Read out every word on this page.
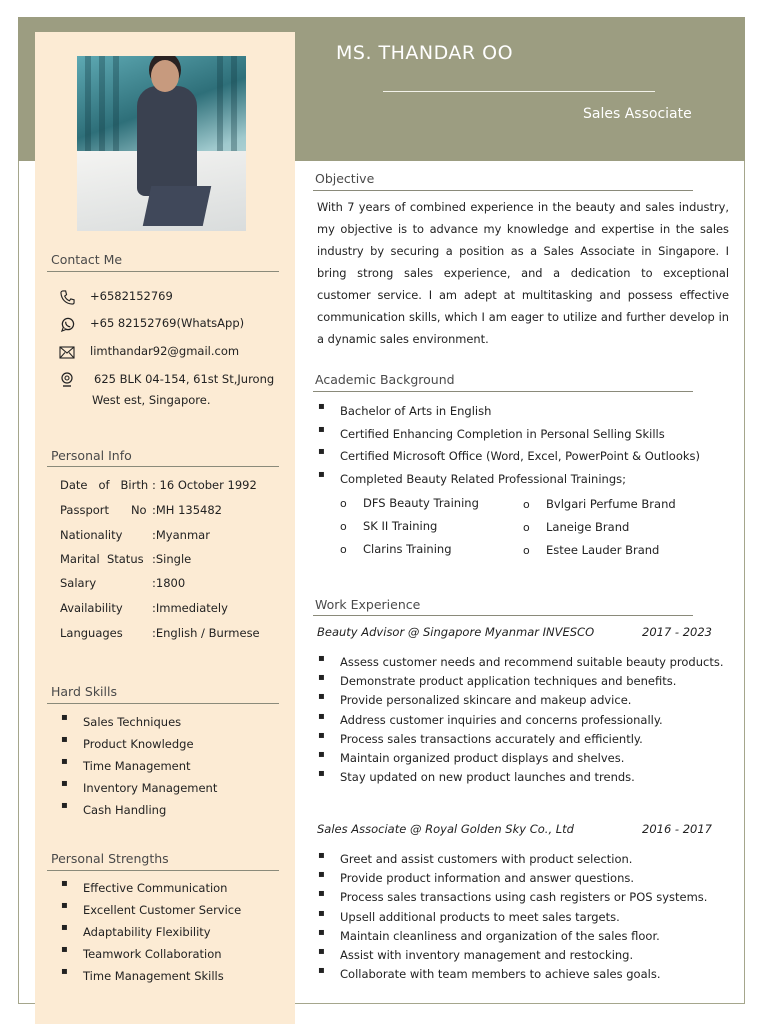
MS. THANDAR OO
Sales Associate
Contact Me
+6582152769
+65 82152769(WhatsApp)
limthandar92@gmail.com
625 BLK 04-154, 61st St,Jurong
West est, Singapore.
Personal Info
Date   of   Birth : 16 October 1992
Passport      No :MH 135482
Nationality	:Myanmar
Marital  Status :Single
Salary	:1800
Availability	:Immediately
Languages	:English / Burmese
Hard Skills
▪ Sales Techniques
▪ Product Knowledge
▪ Time Management
▪ Inventory Management
▪ Cash Handling
Personal Strengths
▪ Effective Communication
▪ Excellent Customer Service
▪ Adaptability Flexibility
▪ Teamwork Collaboration
▪ Time Management Skills
Objective
With 7 years of combined experience in the beauty and sales industry, my objective is to advance my knowledge and expertise in the sales industry by securing a position as a Sales Associate in Singapore. I bring strong sales experience, and a dedication to exceptional customer service. I am adept at multitasking and possess effective communication skills, which I am eager to utilize and further develop in a dynamic sales environment.
Academic Background
▪ Bachelor of Arts in English
▪ Certified Enhancing Completion in Personal Selling Skills
▪ Certified Microsoft Office (Word, Excel, PowerPoint & Outlooks)
▪ Completed Beauty Related Professional Trainings;
o DFS Beauty Training
o SK II Training
o Clarins Training
o Bvlgari Perfume Brand
o Laneige Brand
o Estee Lauder Brand
Work Experience
Beauty Advisor @ Singapore Myanmar INVESCO	2017 - 2023
▪ Assess customer needs and recommend suitable beauty products.
▪ Demonstrate product application techniques and benefits.
▪ Provide personalized skincare and makeup advice.
▪ Address customer inquiries and concerns professionally.
▪ Process sales transactions accurately and efficiently.
▪ Maintain organized product displays and shelves.
▪ Stay updated on new product launches and trends.
Sales Associate @ Royal Golden Sky Co., Ltd	2016 - 2017
▪ Greet and assist customers with product selection.
▪ Provide product information and answer questions.
▪ Process sales transactions using cash registers or POS systems.
▪ Upsell additional products to meet sales targets.
▪ Maintain cleanliness and organization of the sales floor.
▪ Assist with inventory management and restocking.
▪ Collaborate with team members to achieve sales goals.
